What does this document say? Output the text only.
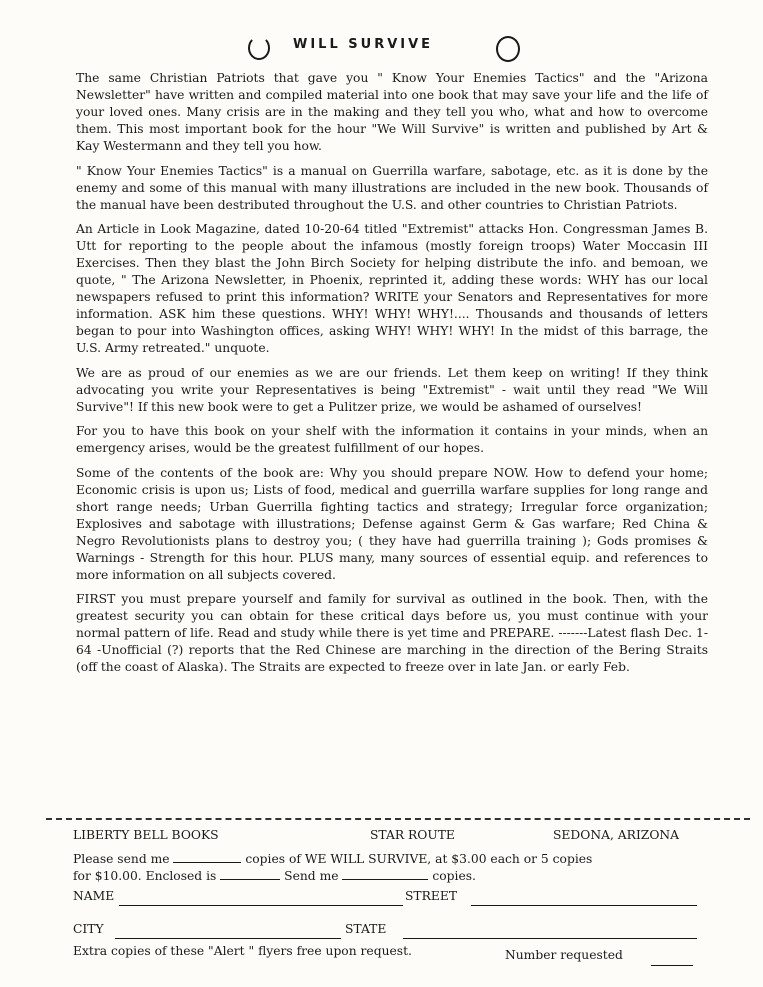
WILL SURVIVE

The same Christian Patriots that gave you " Know Your Enemies Tactics" and the "Arizona Newsletter" have written and compiled material into one book that may save your life and the life of your loved ones. Many crisis are in the making and they tell you who, what and how to overcome them. This most important book for the hour "We Will Survive" is written and published by Art & Kay Westermann and they tell you how.

" Know Your Enemies Tactics" is a manual on Guerrilla warfare, sabotage, etc. as it is done by the enemy and some of this manual with many illustrations are included in the new book. Thousands of the manual have been destributed throughout the U.S. and other countries to Christian Patriots.

An Article in Look Magazine, dated 10-20-64 titled "Extremist" attacks Hon. Congressman James B. Utt for reporting to the people about the infamous (mostly foreign troops) Water Moccasin III Exercises. Then they blast the John Birch Society for helping distribute the info. and bemoan, we quote, " The Arizona Newsletter, in Phoenix, reprinted it, adding these words: WHY has our local newspapers refused to print this information? WRITE your Senators and Representatives for more information. ASK him these questions. WHY! WHY! WHY!.... Thousands and thousands of letters began to pour into Washington offices, asking WHY! WHY! WHY! In the midst of this barrage, the U.S. Army retreated." unquote.

We are as proud of our enemies as we are our friends. Let them keep on writing! If they think advocating you write your Representatives is being "Extremist" - wait until they read "We Will Survive"! If this new book were to get a Pulitzer prize, we would be ashamed of ourselves!

For you to have this book on your shelf with the information it contains in your minds, when an emergency arises, would be the greatest fulfillment of our hopes.

Some of the contents of the book are: Why you should prepare NOW. How to defend your home; Economic crisis is upon us; Lists of food, medical and guerrilla warfare supplies for long range and short range needs; Urban Guerrilla fighting tactics and strategy; Irregular force organization; Explosives and sabotage with illustrations; Defense against Germ & Gas warfare; Red China & Negro Revolutionists plans to destroy you; ( they have had guerrilla training ); Gods promises & Warnings - Strength for this hour. PLUS many, many sources of essential equip. and references to more information on all subjects covered.

FIRST you must prepare yourself and family for survival as outlined in the book. Then, with the greatest security you can obtain for these critical days before us, you must continue with your normal pattern of life. Read and study while there is yet time and PREPARE. -------Latest flash Dec. 1-64 -Unofficial (?) reports that the Red Chinese are marching in the direction of the Bering Straits (off the coast of Alaska). The Straits are expected to freeze over in late Jan. or early Feb.

LIBERTY BELL BOOKS	STAR ROUTE	SEDONA, ARIZONA
Please send me	copies of WE WILL SURVIVE, at $3.00 each or 5 copies
for $10.00. Enclosed is	Send me	copies.
NAME	STREET
CITY	STATE
Extra copies of these "Alert " flyers free upon request.	Number requested
